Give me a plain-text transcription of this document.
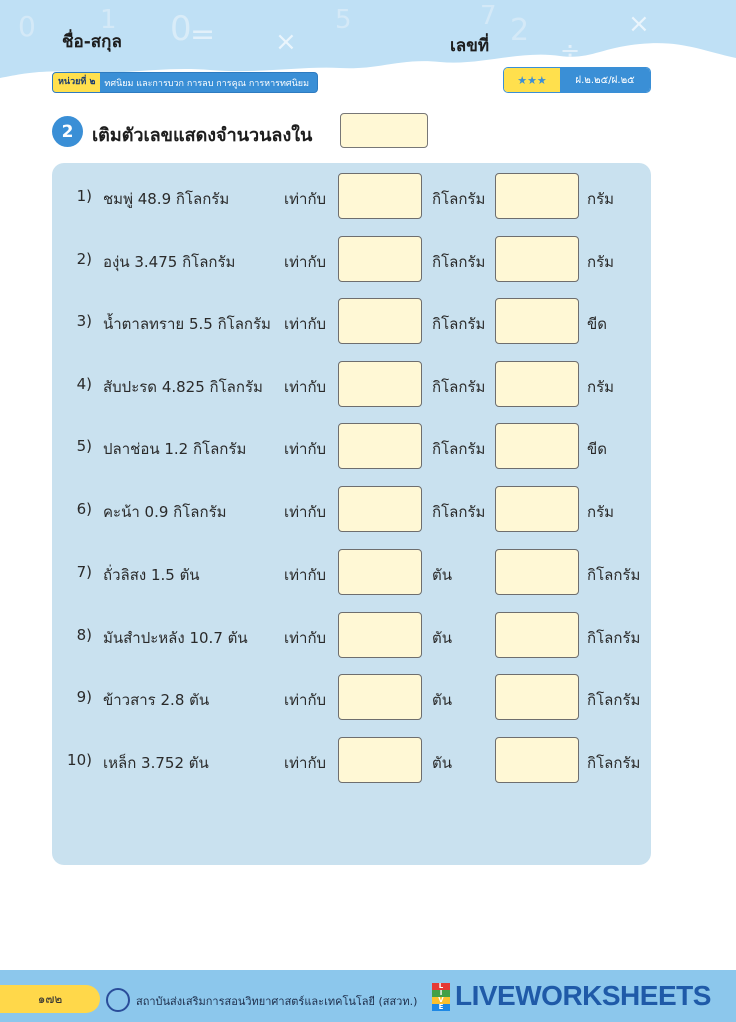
0
= ×
5	2
÷
×
0 1	7
ชื่อ-สกุล	เลขที่
หน่วยที่ ๒	ทศนิยม และการบวก การลบ การคูณ การหารทศนิยม	★★★	ฝ.๒.๒๕/ฝ.๒๕
2	เติมตัวเลขแสดงจำนวนลงใน
1) ชมพู่ 48.9 กิโลกรัม	เท่ากับ	กิโลกรัม	กรัม
2) องุ่น 3.475 กิโลกรัม	เท่ากับ	กิโลกรัม	กรัม
3) น้ำตาลทราย 5.5 กิโลกรัม เท่ากับ	กิโลกรัม	ขีด
4) สับปะรด 4.825 กิโลกรัม เท่ากับ	กิโลกรัม	กรัม
5) ปลาช่อน 1.2 กิโลกรัม	เท่ากับ	กิโลกรัม	ขีด
6) คะน้า 0.9 กิโลกรัม	เท่ากับ	กิโลกรัม	กรัม
7) ถั่วลิสง 1.5 ตัน	เท่ากับ	ตัน	กิโลกรัม
8) มันสำปะหลัง 10.7 ตัน เท่ากับ	ตัน	กิโลกรัม
9) ข้าวสาร 2.8 ตัน	เท่ากับ	ตัน	กิโลกรัม
10) เหล็ก 3.752 ตัน	เท่ากับ	ตัน	กิโลกรัม
๑๗๒	สถาบันส่งเสริมการสอนวิทยาศาสตร์และเทคโนโลยี (สสวท.)
L
I
V
E LIVEWORKSHEETS
